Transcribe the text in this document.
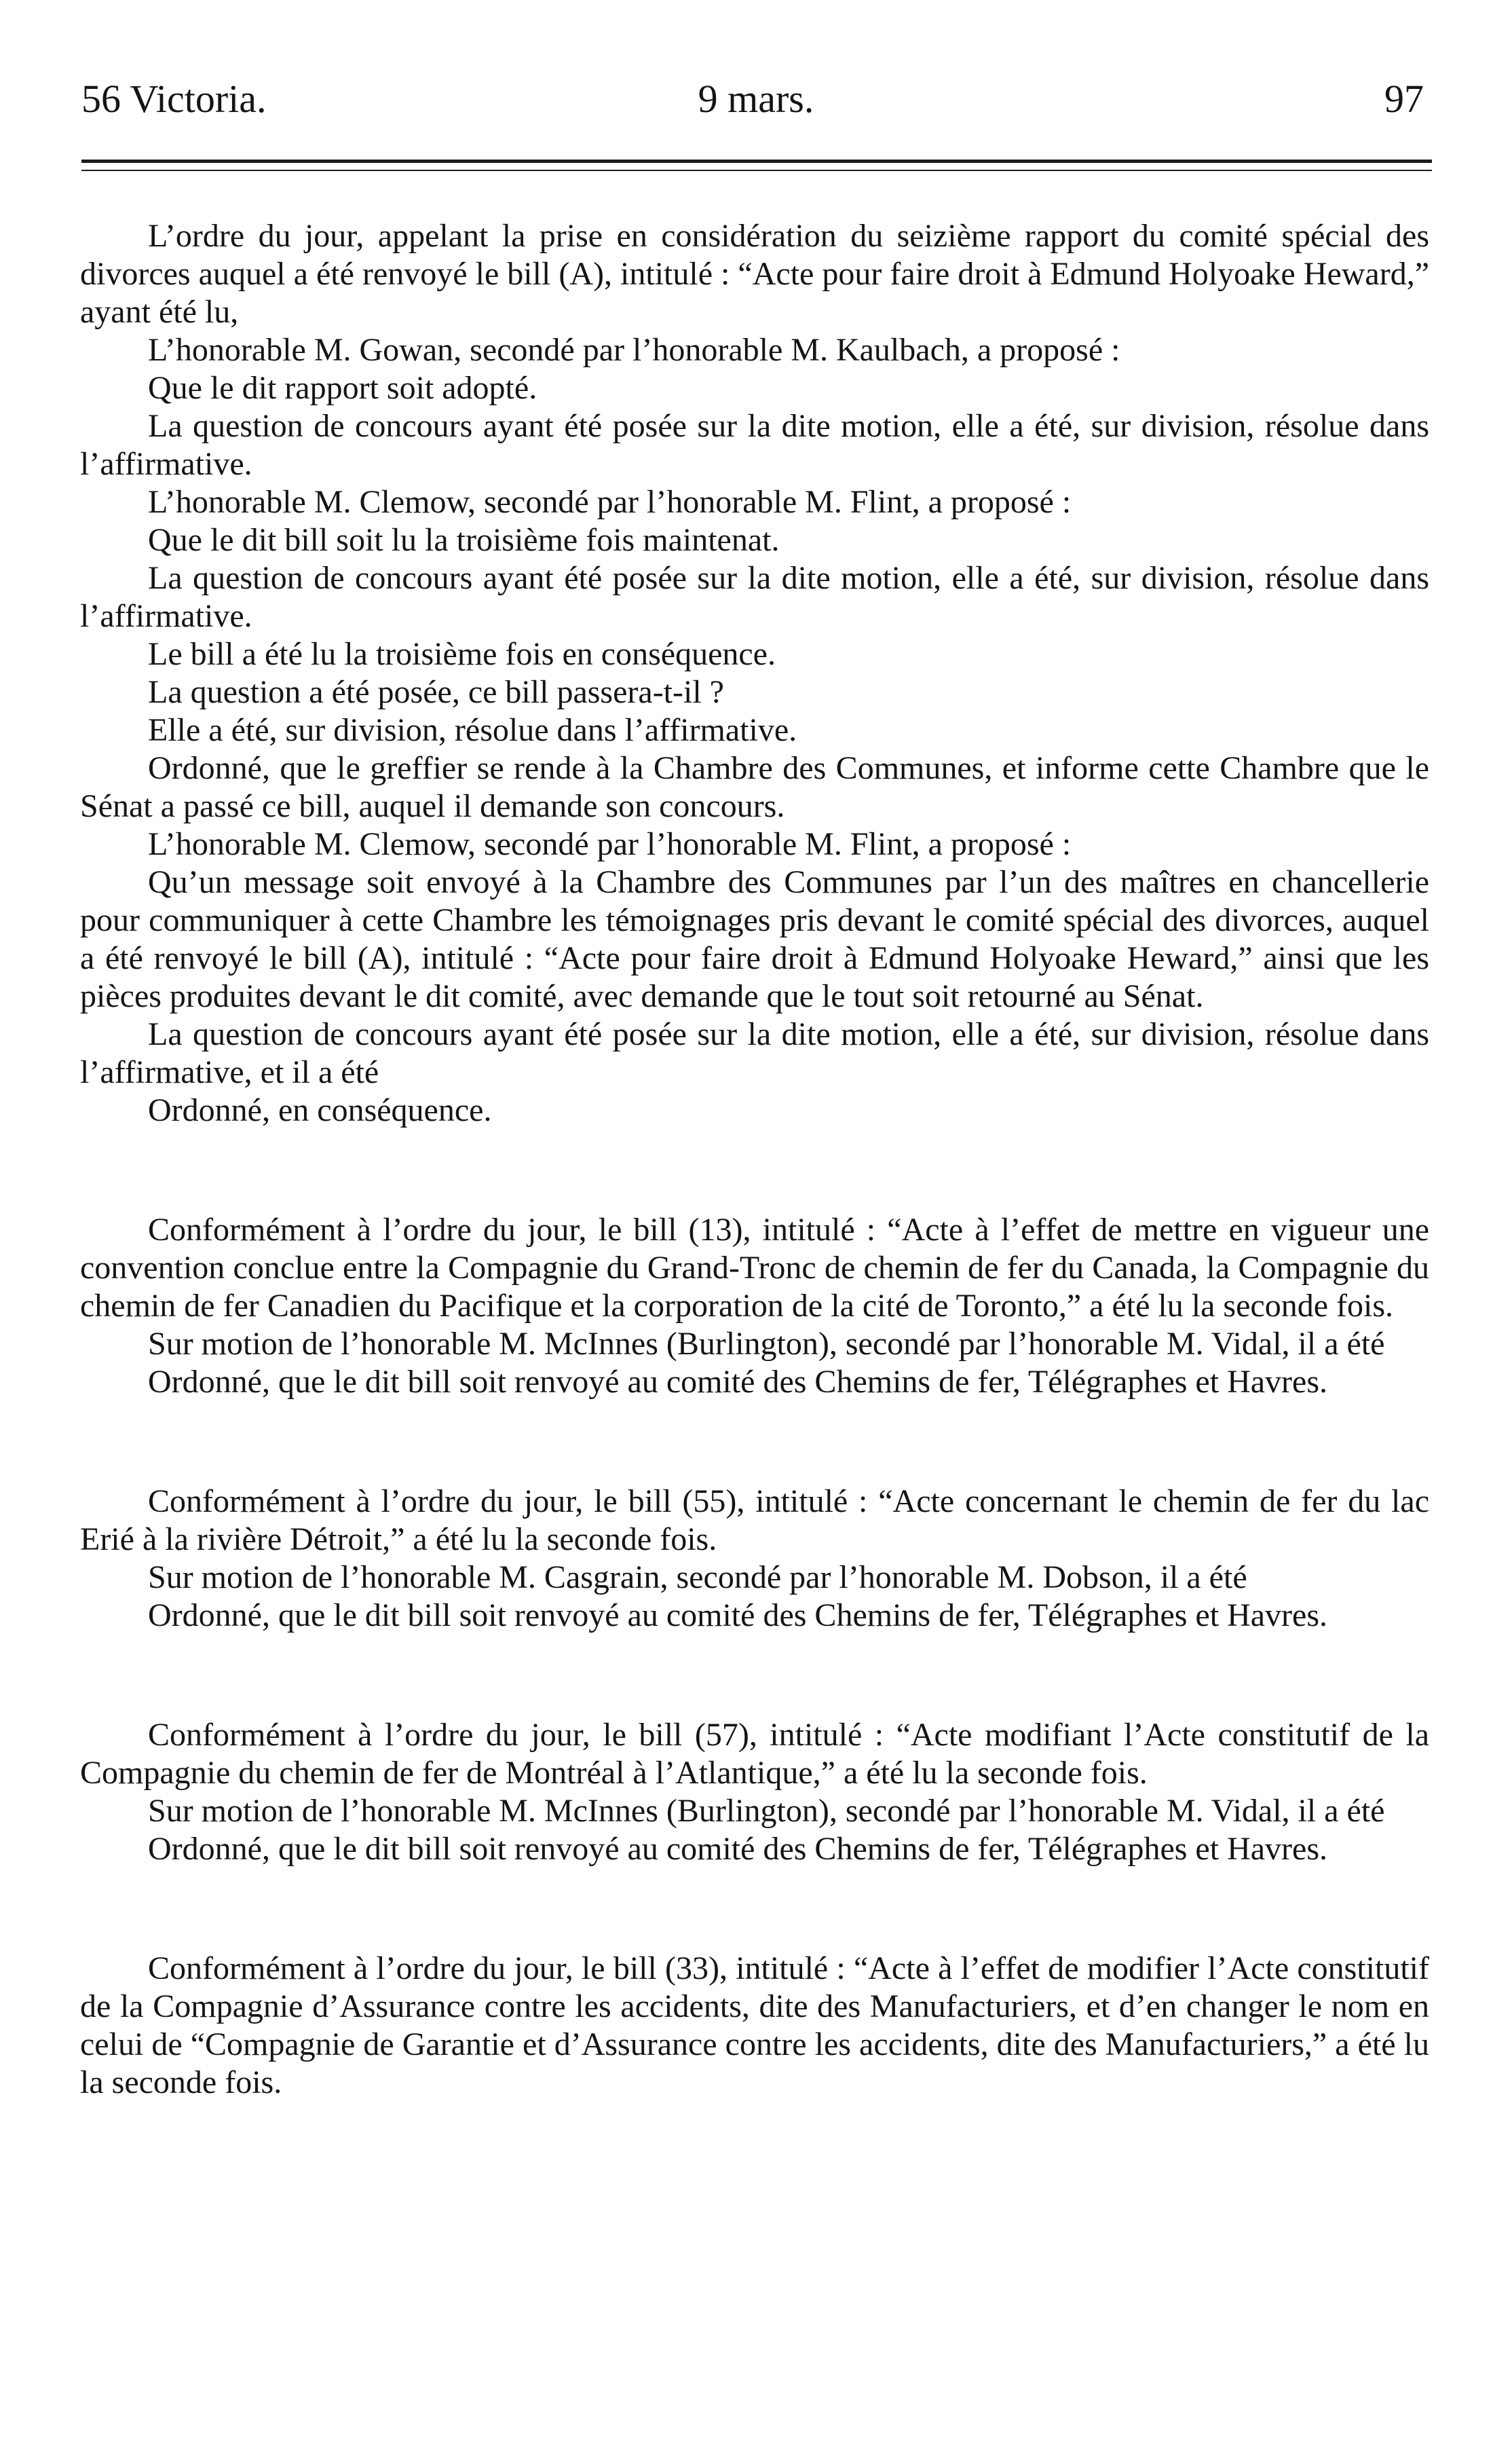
56 Victoria.	9 mars.	97

L’ordre du jour, appelant la prise en considération du seizième rapport du comité spécial des divorces auquel a été renvoyé le bill (A), intitulé : “Acte pour faire droit à Edmund Holyoake Heward,” ayant été lu,

L’honorable M. Gowan, secondé par l’honorable M. Kaulbach, a proposé :

Que le dit rapport soit adopté.

La question de concours ayant été posée sur la dite motion, elle a été, sur division, résolue dans l’affirmative.

L’honorable M. Clemow, secondé par l’honorable M. Flint, a proposé :

Que le dit bill soit lu la troisième fois maintenat.

La question de concours ayant été posée sur la dite motion, elle a été, sur division, résolue dans l’affirmative.

Le bill a été lu la troisième fois en conséquence.

La question a été posée, ce bill passera-t-il ?

Elle a été, sur division, résolue dans l’affirmative.

Ordonné, que le greffier se rende à la Chambre des Communes, et informe cette Chambre que le Sénat a passé ce bill, auquel il demande son concours.

L’honorable M. Clemow, secondé par l’honorable M. Flint, a proposé :

Qu’un message soit envoyé à la Chambre des Communes par l’un des maîtres en chancellerie pour communiquer à cette Chambre les témoignages pris devant le comité spécial des divorces, auquel a été renvoyé le bill (A), intitulé : “Acte pour faire droit à Edmund Holyoake Heward,” ainsi que les pièces produites devant le dit comité, avec demande que le tout soit retourné au Sénat.

La question de concours ayant été posée sur la dite motion, elle a été, sur division, résolue dans l’affirmative, et il a été

Ordonné, en conséquence.

Conformément à l’ordre du jour, le bill (13), intitulé : “Acte à l’effet de mettre en vigueur une convention conclue entre la Compagnie du Grand-Tronc de chemin de fer du Canada, la Compagnie du chemin de fer Canadien du Pacifique et la corporation de la cité de Toronto,” a été lu la seconde fois.

Sur motion de l’honorable M. McInnes (Burlington), secondé par l’honorable M. Vidal, il a été

Ordonné, que le dit bill soit renvoyé au comité des Chemins de fer, Télégraphes et Havres.

Conformément à l’ordre du jour, le bill (55), intitulé : “Acte concernant le chemin de fer du lac Erié à la rivière Détroit,” a été lu la seconde fois.

Sur motion de l’honorable M. Casgrain, secondé par l’honorable M. Dobson, il a été

Ordonné, que le dit bill soit renvoyé au comité des Chemins de fer, Télégraphes et Havres.

Conformément à l’ordre du jour, le bill (57), intitulé : “Acte modifiant l’Acte constitutif de la Compagnie du chemin de fer de Montréal à l’Atlantique,” a été lu la seconde fois.

Sur motion de l’honorable M. McInnes (Burlington), secondé par l’honorable M. Vidal, il a été

Ordonné, que le dit bill soit renvoyé au comité des Chemins de fer, Télégraphes et Havres.

Conformément à l’ordre du jour, le bill (33), intitulé : “Acte à l’effet de modifier l’Acte constitutif de la Compagnie d’Assurance contre les accidents, dite des Manufacturiers, et d’en changer le nom en celui de “Compagnie de Garantie et d’Assurance contre les accidents, dite des Manufacturiers,” a été lu la seconde fois.
